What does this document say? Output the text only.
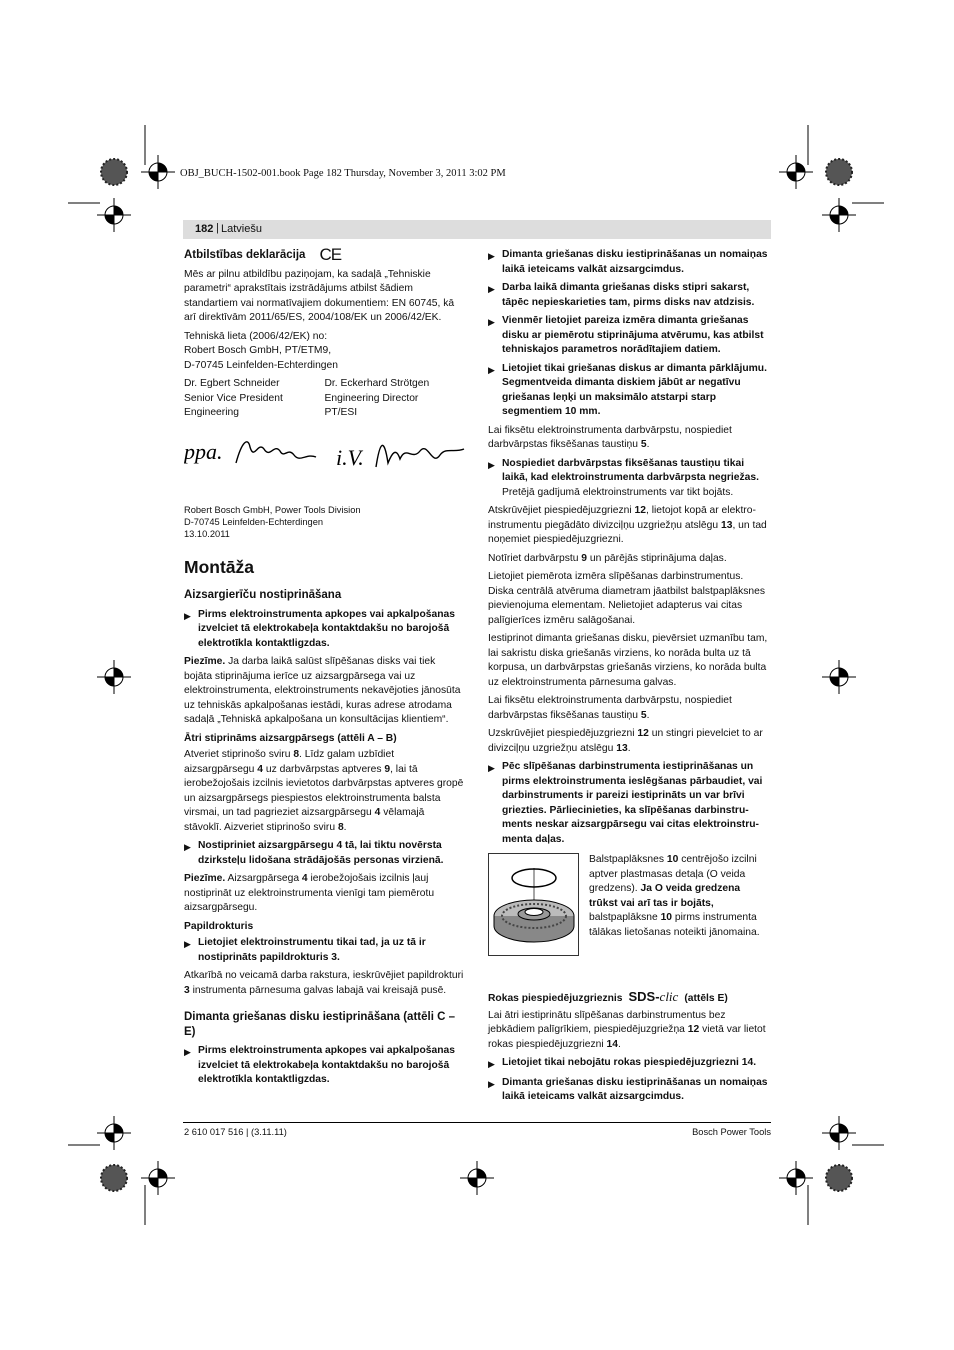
OBJ_BUCH-1502-001.book Page 182 Thursday, November 3, 2011 3:02 PM
182 | Latviešu
Atbilstības deklarācija CE

Mēs ar pilnu atbildību paziņojam, ka sadaļā „Tehniskie parametri“ aprakstītais izstrādājums atbilst šādiem standartiem vai normatīvajiem dokumentiem: EN 60745, kā arī direktīvām 2011/65/ES, 2004/108/EK un 2006/42/EK.

Tehniskā lieta (2006/42/EK) no:
Robert Bosch GmbH, PT/ETM9,
D-70745 Leinfelden-Echterdingen

Dr. Egbert Schneider
Senior Vice President
Engineering
Dr. Eckerhard Strötgen
Engineering Director
PT/ESI
ppa.	i.V.
Robert Bosch GmbH, Power Tools Division
D-70745 Leinfelden-Echterdingen
13.10.2011
Montāža
Aizsargierīču nostiprināšana
▶ Pirms elektroinstrumenta apkopes vai apkalpošanas izvelciet tā elektrokabeļa kontaktdakšu no barojošā elektrotīkla kontaktligzdas.

Piezīme. Ja darba laikā salūst slīpēšanas disks vai tiek bojāta stiprinājuma ierīce uz aizsargpārsega vai uz elektroinstrumenta, elektroinstruments nekavējoties jānosūta uz tehniskās apkalpošanas iestādi, kuras adrese atrodama sadaļā „Tehniskā apkalpošana un konsultācijas klientiem“.

Ātri stiprināms aizsargpārsegs (attēli A – B)

Atveriet stiprinošo sviru 8. Līdz galam uzbīdiet aizsargpārsegu 4 uz darbvārpstas aptveres 9, lai tā ierobežojošais izcilnis ievietotos darbvārpstas aptveres gropē un aizsargpārsegs piespiestos elektroinstrumenta balsta virsmai, un tad pagrieziet aizsargpārsegu 4 vēlamajā stāvoklī. Aizveriet stiprinošo sviru 8.

▶ Nostipriniet aizsargpārsegu 4 tā, lai tiktu novērsta dzirksteļu lidošana strādājošās personas virzienā.

Piezīme. Aizsargpārsega 4 ierobežojošais izcilnis ļauj nostiprināt uz elektroinstrumenta vienīgi tam piemērotu aizsargpārsegu.

Papildrokturis
▶ Lietojiet elektroinstrumentu tikai tad, ja uz tā ir nostiprināts papildrokturis 3.

Atkarībā no veicamā darba rakstura, ieskrūvējiet papildrokturi 3 instrumenta pārnesuma galvas labajā vai kreisajā pusē.

Dimanta griešanas disku iestiprināšana (attēli C – E)
▶ Pirms elektroinstrumenta apkopes vai apkalpošanas izvelciet tā elektrokabeļa kontaktdakšu no barojošā elektrotīkla kontaktligzdas.
▶ Dimanta griešanas disku iestiprināšanas un nomaiņas laikā ieteicams valkāt aizsargcimdus.
▶ Darba laikā dimanta griešanas disks stipri sakarst, tāpēc nepieskarieties tam, pirms disks nav atdzisis.
▶ Vienmēr lietojiet pareiza izmēra dimanta griešanas disku ar piemērotu stiprinājuma atvērumu, kas atbilst tehniskajos parametros norādītajiem datiem.
▶ Lietojiet tikai griešanas diskus ar dimanta pārklājumu. Segmentveida dimanta diskiem jābūt ar negatīvu griešanas leņķi un maksimālo atstarpi starp segmentiem 10 mm.

Lai fiksētu elektroinstrumenta darbvārpstu, nospiediet darbvārpstas fiksēšanas taustiņu 5.

▶ Nospiediet darbvārpstas fiksēšanas taustiņu tikai laikā, kad elektroinstrumenta darbvārpsta negriežas.
Pretējā gadījumā elektroinstruments var tikt bojāts.

Atskrūvējiet piespiedējuzgriezni 12, lietojot kopā ar elektroinstrumentu piegādāto divizciļņu uzgriežņu atslēgu 13, un tad noņemiet piespiedējuzgriezni.

Notīriet darbvārpstu 9 un pārējās stiprinājuma daļas.

Lietojiet piemērota izmēra slīpēšanas darbinstrumentus. Diska centrālā atvēruma diametram jāatbilst balstpaplāksnes pievienojuma elementam. Nelietojiet adapterus vai citas palīgierīces izmēru salāgošanai.

Iestiprinot dimanta griešanas disku, pievērsiet uzmanību tam, lai sakristu diska griešanās virziens, ko norāda bulta uz tā korpusa, un darbvārpstas griešanās virziens, ko norāda bulta uz elektroinstrumenta pārnesuma galvas.

Lai fiksētu elektroinstrumenta darbvārpstu, nospiediet darbvārpstas fiksēšanas taustiņu 5.

Uzskrūvējiet piespiedējuzgriezni 12 un stingri pievelciet to ar divizciļņu uzgriežņu atslēgu 13.

▶ Pēc slīpēšanas darbinstrumenta iestiprināšanas un pirms elektroinstrumenta ieslēgšanas pārbaudiet, vai darbinstruments ir pareizi iestiprināts un var brīvi griezties. Pārliecinieties, ka slīpēšanas darbinstruments neskar aizsargpārsegu vai citas elektroinstrumenta daļas.
Balstpaplāksnes 10 centrējošo izcilni aptver plastmasas detaļa (O veida gredzens). Ja O veida gredzena trūkst vai arī tas ir bojāts, balstpaplāksne 10 pirms instrumenta tālākas lietošanas noteikti jānomaina.
Rokas piespiedējuzgrieznis SDS-clic (attēls E)

Lai ātri iestiprinātu slīpēšanas darbinstrumentus bez jebkādiem palīgrīkiem, piespiedējuzgriežņa 12 vietā var lietot rokas piespiedējuzgriezni 14.

▶ Lietojiet tikai nebojātu rokas piespiedējuzgriezni 14.
▶ Dimanta griešanas disku iestiprināšanas un nomaiņas laikā ieteicams valkāt aizsargcimdus.
2 610 017 516 | (3.11.11)	Bosch Power Tools
